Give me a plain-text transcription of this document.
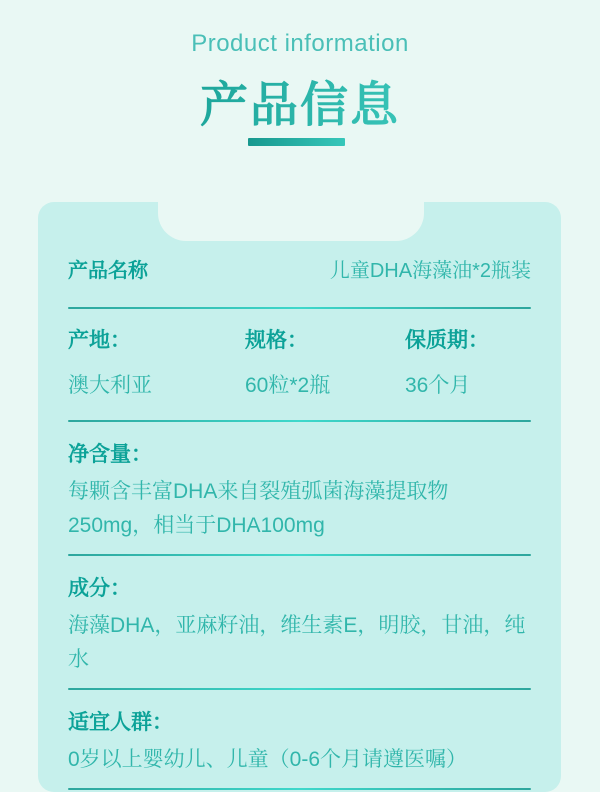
Product information
产品信息
产品名称	儿童DHA海藻油*2瓶装
产地：
澳大利亚
规格：
60粒*2瓶
保质期：
36个月
净含量：
每颗含丰富DHA来自裂殖弧菌海藻提取物250mg，相当于DHA100mg
成分：
海藻DHA，亚麻籽油，维生素E，明胶，甘油，纯水
适宜人群：
0岁以上婴幼儿、儿童（0-6个月请遵医嘱）
